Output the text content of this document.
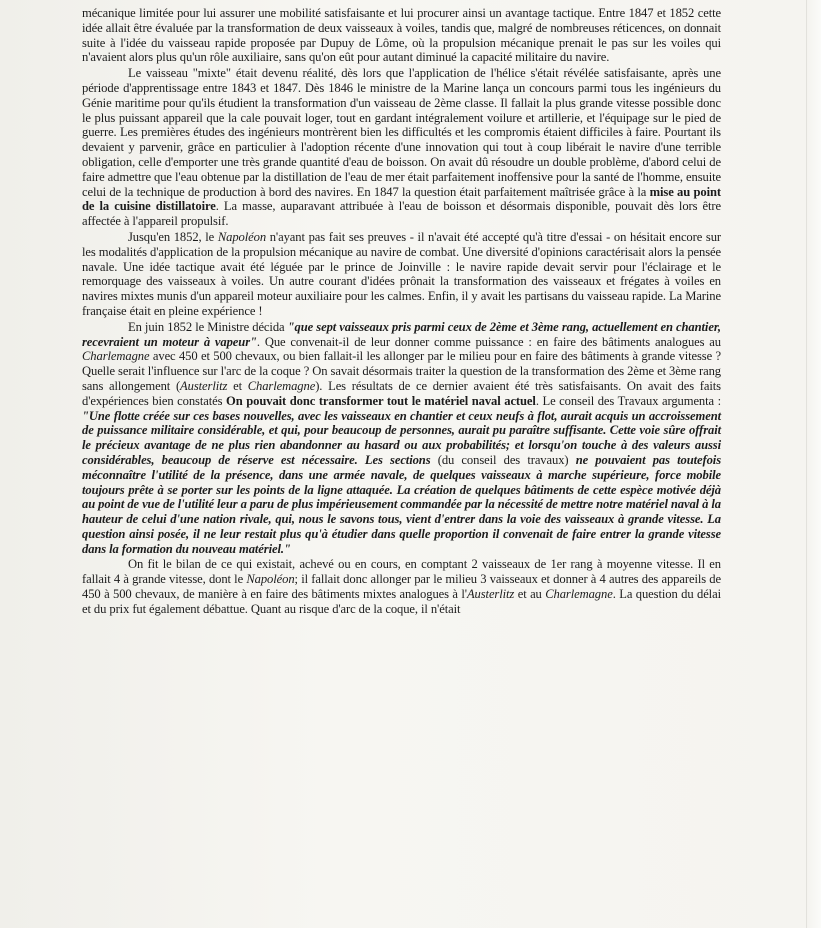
mécanique limitée pour lui assurer une mobilité satisfaisante et lui procurer ainsi un avantage tactique. Entre 1847 et 1852 cette idée allait être évaluée par la transformation de deux vaisseaux à voiles, tandis que, malgré de nombreuses réticences, on donnait suite à l'idée du vaisseau rapide proposée par Dupuy de Lôme, où la propulsion mécanique prenait le pas sur les voiles qui n'avaient alors plus qu'un rôle auxiliaire, sans qu'on eût pour autant diminué la capacité militaire du navire.

Le vaisseau "mixte" était devenu réalité, dès lors que l'application de l'hélice s'était révélée satisfaisante, après une période d'apprentissage entre 1843 et 1847. Dès 1846 le ministre de la Marine lança un concours parmi tous les ingénieurs du Génie maritime pour qu'ils étudient la transformation d'un vaisseau de 2ème classe. Il fallait la plus grande vitesse possible donc le plus puissant appareil que la cale pouvait loger, tout en gardant intégralement voilure et artillerie, et l'équipage sur le pied de guerre. Les premières études des ingénieurs montrèrent bien les difficultés et les compromis étaient difficiles à faire. Pourtant ils devaient y parvenir, grâce en particulier à l'adoption récente d'une innovation qui tout à coup libérait le navire d'une terrible obligation, celle d'emporter une très grande quantité d'eau de boisson. On avait dû résoudre un double problème, d'abord celui de faire admettre que l'eau obtenue par la distillation de l'eau de mer était parfaitement inoffensive pour la santé de l'homme, ensuite celui de la technique de production à bord des navires. En 1847 la question était parfaitement maîtrisée grâce à la mise au point de la cuisine distillatoire. La masse, auparavant attribuée à l'eau de boisson et désormais disponible, pouvait dès lors être affectée à l'appareil propulsif.

Jusqu'en 1852, le Napoléon n'ayant pas fait ses preuves - il n'avait été accepté qu'à titre d'essai - on hésitait encore sur les modalités d'application de la propulsion mécanique au navire de combat. Une diversité d'opinions caractérisait alors la pensée navale. Une idée tactique avait été léguée par le prince de Joinville : le navire rapide devait servir pour l'éclairage et le remorquage des vaisseaux à voiles. Un autre courant d'idées prônait la transformation des vaisseaux et frégates à voiles en navires mixtes munis d'un appareil moteur auxiliaire pour les calmes. Enfin, il y avait les partisans du vaisseau rapide. La Marine française était en pleine expérience !

En juin 1852 le Ministre décida "que sept vaisseaux pris parmi ceux de 2ème et 3ème rang, actuellement en chantier, recevraient un moteur à vapeur". Que convenait-il de leur donner comme puissance : en faire des bâtiments analogues au Charlemagne avec 450 et 500 chevaux, ou bien fallait-il les allonger par le milieu pour en faire des bâtiments à grande vitesse ? Quelle serait l'influence sur l'arc de la coque ? On savait désormais traiter la question de la transformation des 2ème et 3ème rang sans allongement (Austerlitz et Charlemagne). Les résultats de ce dernier avaient été très satisfaisants. On avait des faits d'expériences bien constatés On pouvait donc transformer tout le matériel naval actuel. Le conseil des Travaux argumenta : "Une flotte créée sur ces bases nouvelles, avec les vaisseaux en chantier et ceux neufs à flot, aurait acquis un accroissement de puissance militaire considérable, et qui, pour beaucoup de personnes, aurait pu paraître suffisante. Cette voie sûre offrait le précieux avantage de ne plus rien abandonner au hasard ou aux probabilités; et lorsqu'on touche à des valeurs aussi considérables, beaucoup de réserve est nécessaire. Les sections (du conseil des travaux) ne pouvaient pas toutefois méconnaître l'utilité de la présence, dans une armée navale, de quelques vaisseaux à marche supérieure, force mobile toujours prête à se porter sur les points de la ligne attaquée. La création de quelques bâtiments de cette espèce motivée déjà au point de vue de l'utilité leur a paru de plus impérieusement commandée par la nécessité de mettre notre matériel naval à la hauteur de celui d'une nation rivale, qui, nous le savons tous, vient d'entrer dans la voie des vaisseaux à grande vitesse. La question ainsi posée, il ne leur restait plus qu'à étudier dans quelle proportion il convenait de faire entrer la grande vitesse dans la formation du nouveau matériel."

On fit le bilan de ce qui existait, achevé ou en cours, en comptant 2 vaisseaux de 1er rang à moyenne vitesse. Il en fallait 4 à grande vitesse, dont le Napoléon; il fallait donc allonger par le milieu 3 vaisseaux et donner à 4 autres des appareils de 450 à 500 chevaux, de manière à en faire des bâtiments mixtes analogues à l'Austerlitz et au Charlemagne. La question du délai et du prix fut également débattue. Quant au risque d'arc de la coque, il n'était
